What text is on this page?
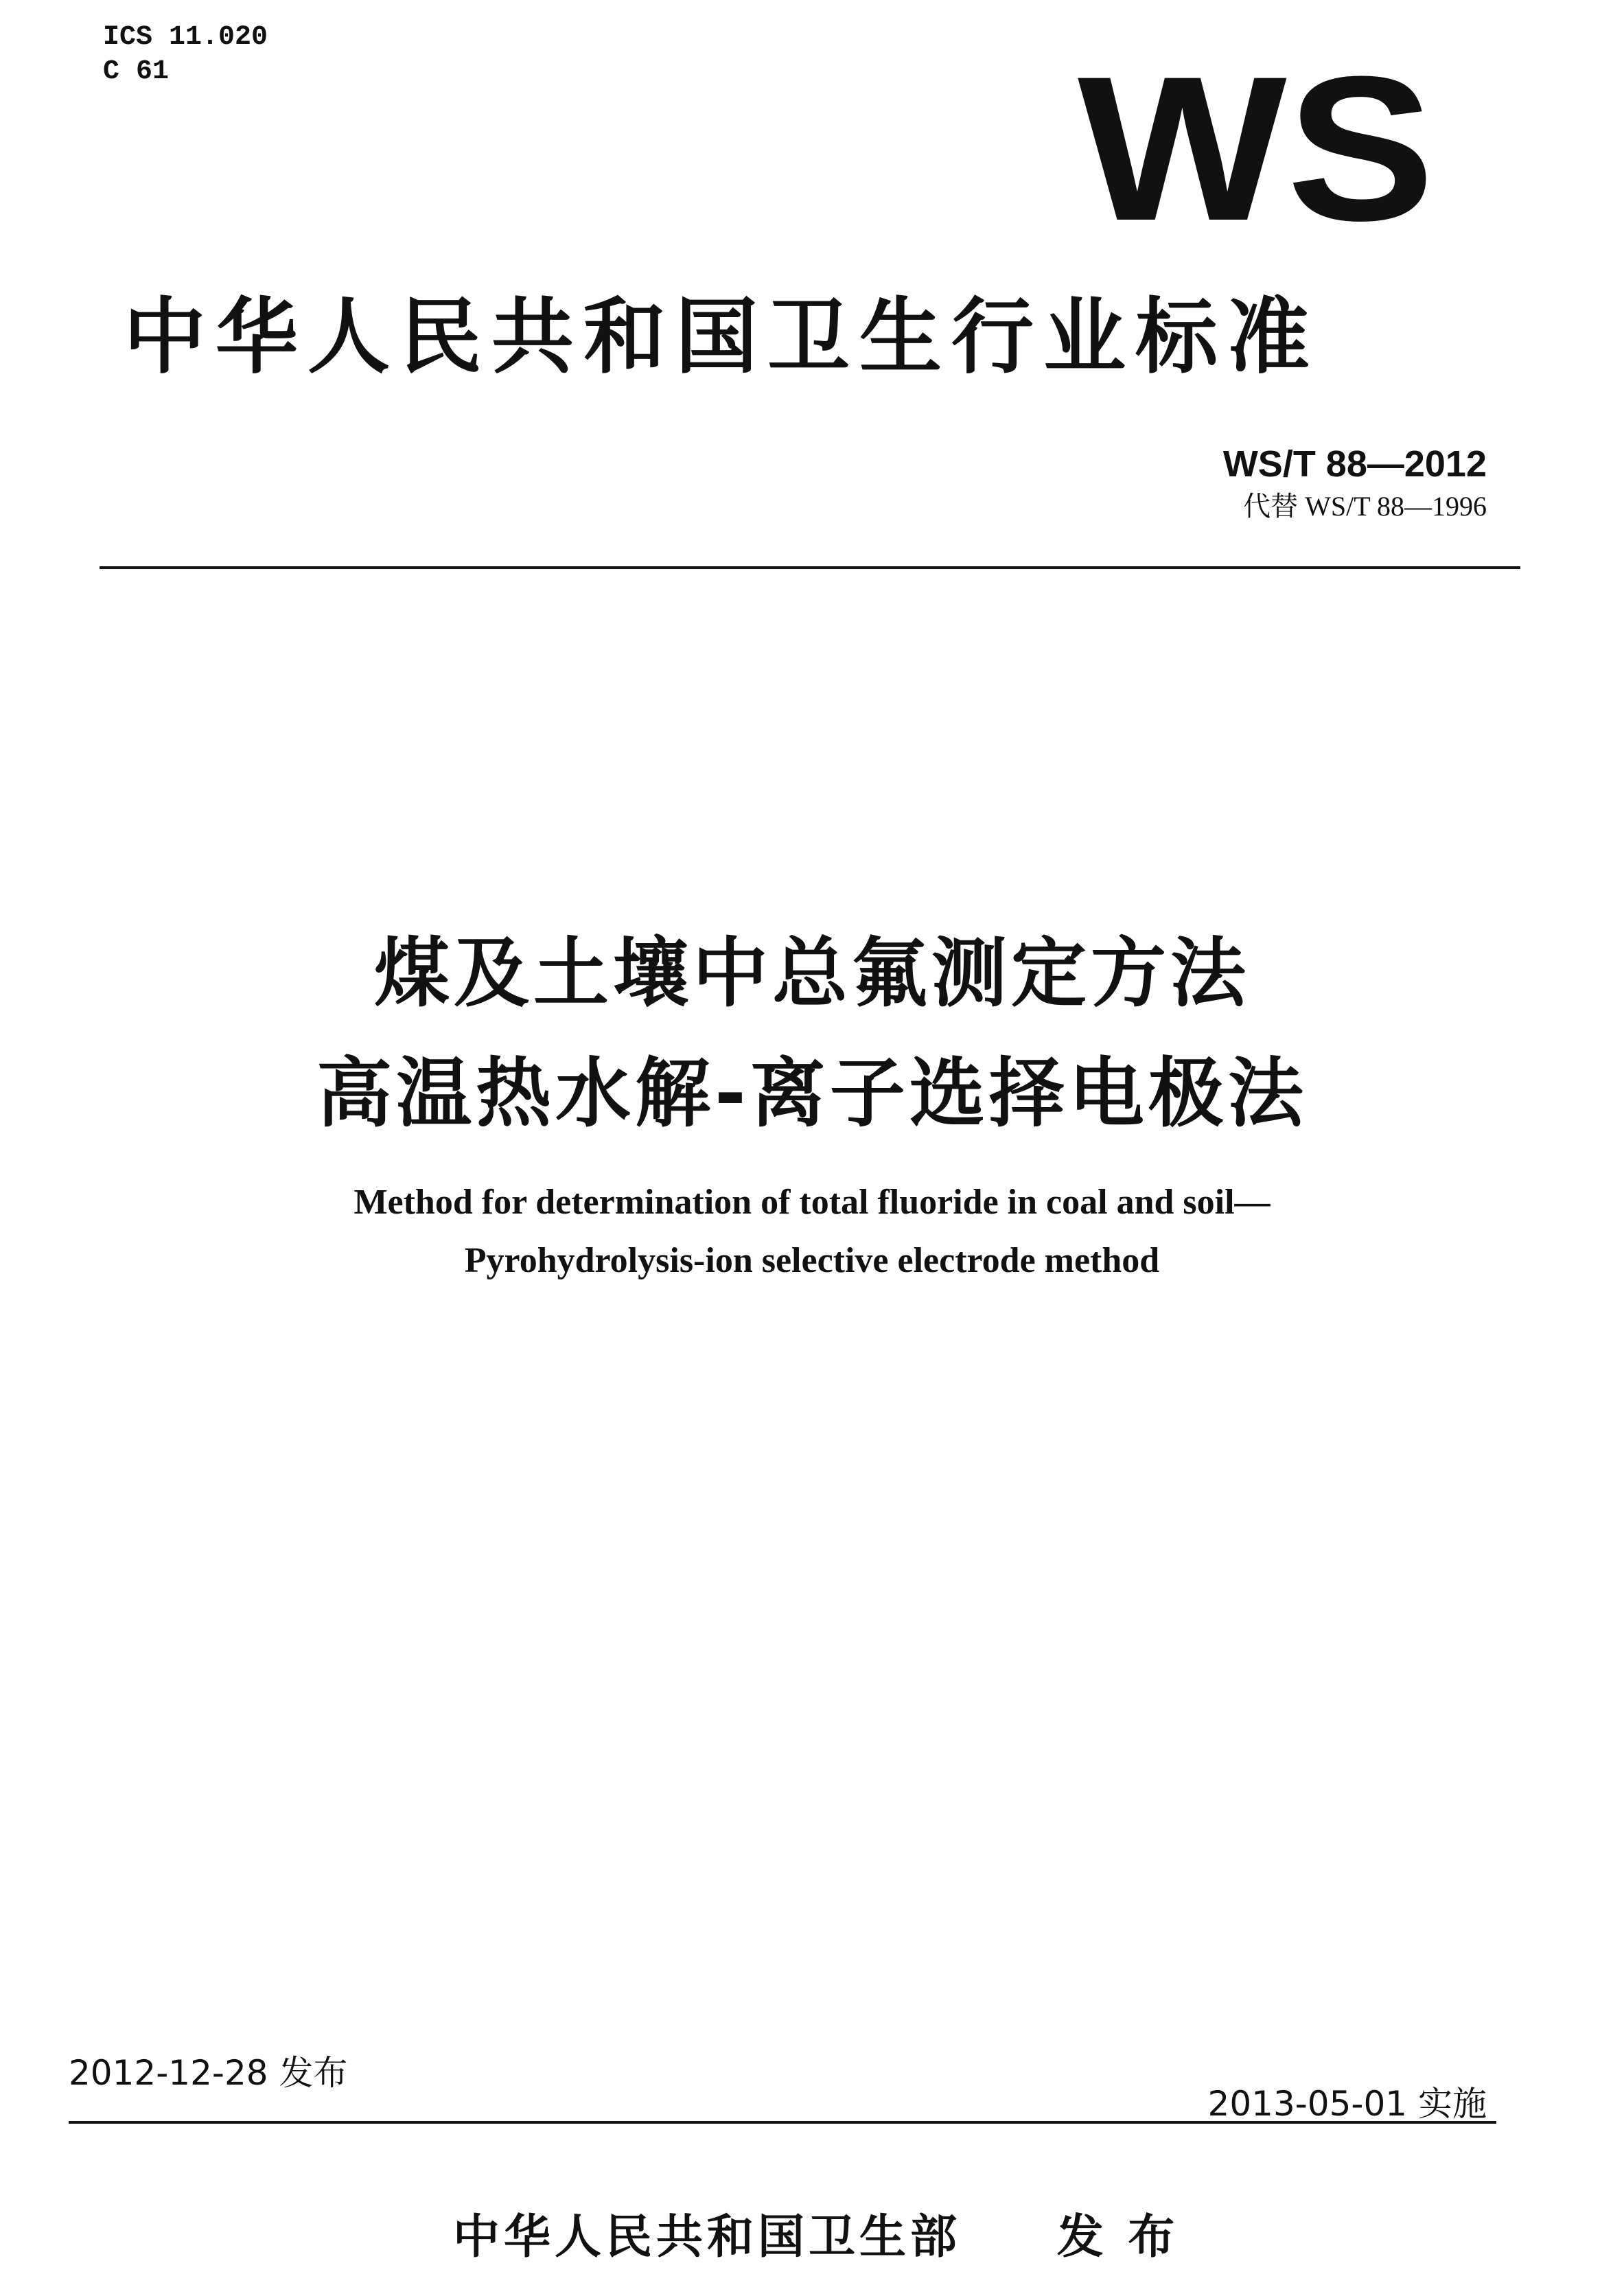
ICS 11.020
C 61	WS
中华人民共和国卫生行业标准
WS/T 88—2012
代替 WS/T 88—1996
煤及土壤中总氟测定方法
高温热水解-离子选择电极法
Method for determination of total fluoride in coal and soil—
Pyrohydrolysis-ion selective electrode method
2012-12-28 发布
2013-05-01 实施
中华人民共和国卫生部 发 布
